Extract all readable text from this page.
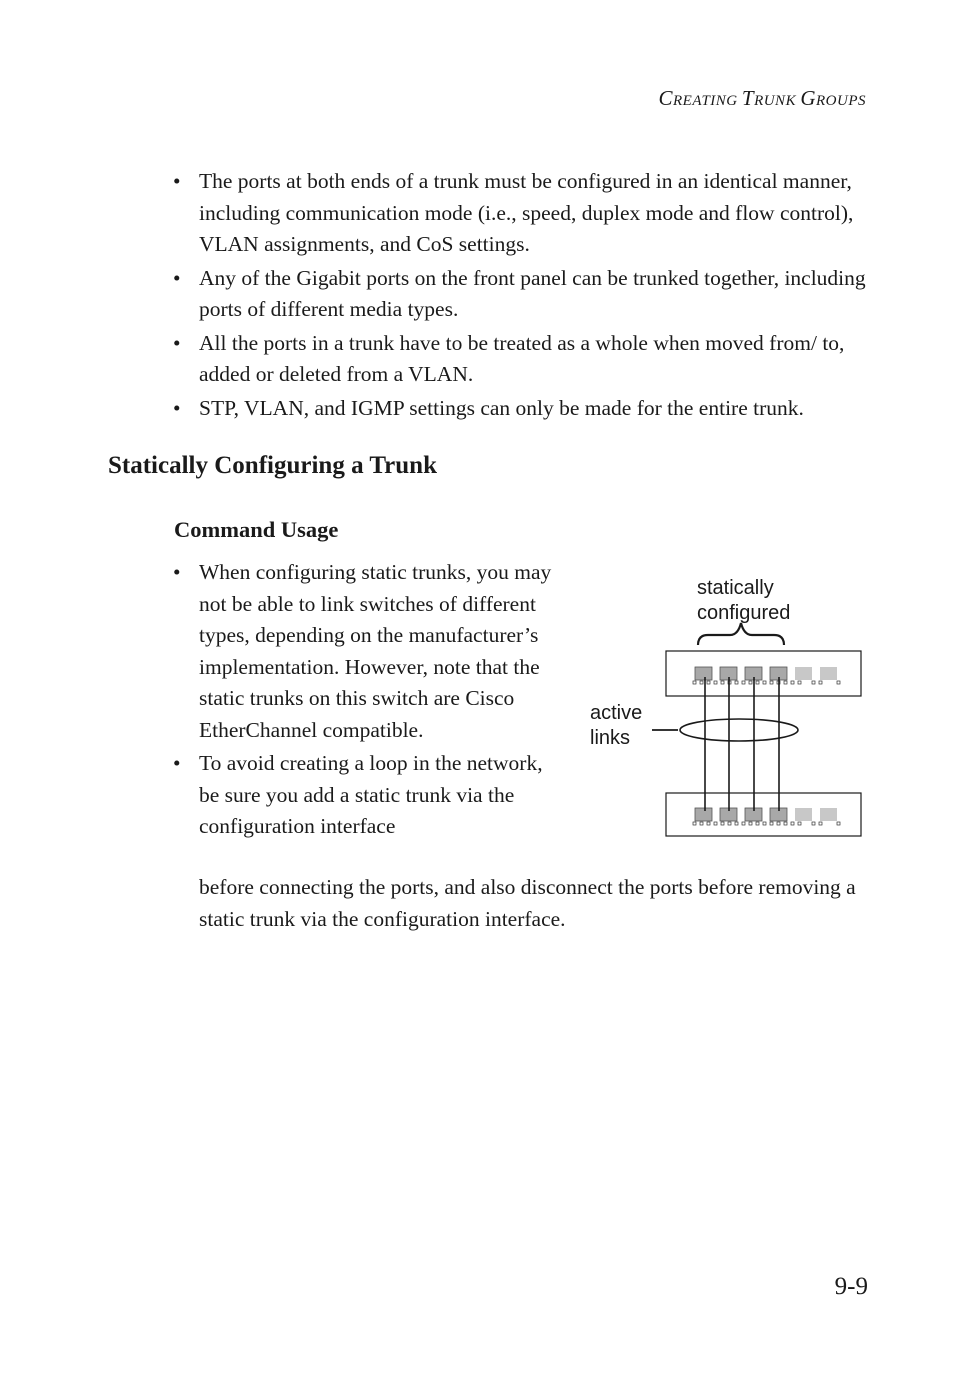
CREATING TRUNK GROUPS
• The ports at both ends of a trunk must be configured in an identical manner, including communication mode (i.e., speed, duplex mode and flow control), VLAN assignments, and CoS settings.
• Any of the Gigabit ports on the front panel can be trunked together, including ports of different media types.
• All the ports in a trunk have to be treated as a whole when moved from/ to, added or deleted from a VLAN.
• STP, VLAN, and IGMP settings can only be made for the entire trunk.
Statically Configuring a Trunk
Command Usage
• When configuring static trunks, you may not be able to link switches of different types, depending on the manufacturer’s implementation. However, note that the static trunks on this switch are Cisco EtherChannel compatible.
• To avoid creating a loop in the network, be sure you add a static trunk via the configuration interface
before connecting the ports, and also disconnect the ports before removing a static trunk via the configuration interface.
statically
configured
active
links
9-9
